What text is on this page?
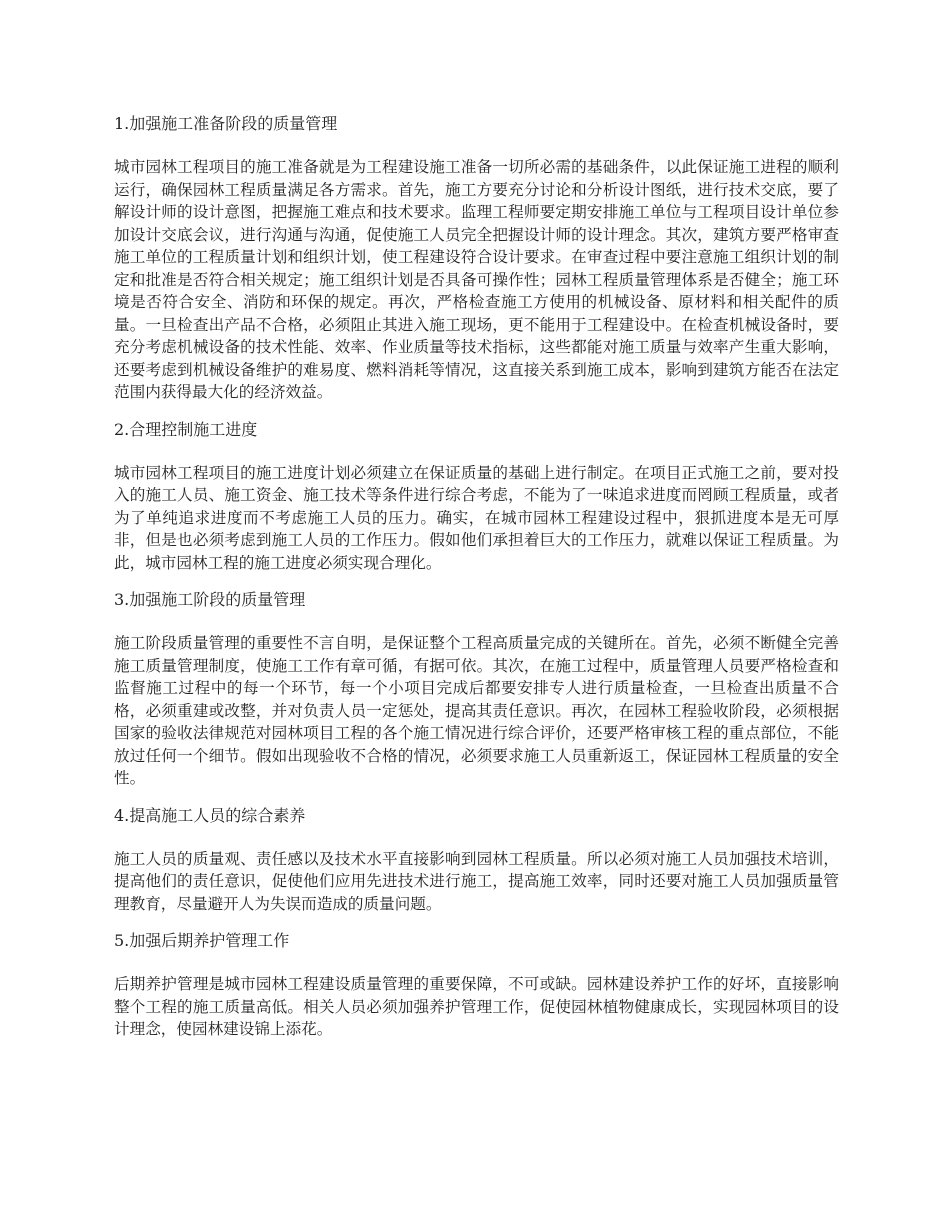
1.加强施工准备阶段的质量管理

城市园林工程项目的施工准备就是为工程建设施工准备一切所必需的基础条件，以此保证施工进程的顺利运行，确保园林工程质量满足各方需求。首先，施工方要充分讨论和分析设计图纸，进行技术交底，要了解设计师的设计意图，把握施工难点和技术要求。监理工程师要定期安排施工单位与工程项目设计单位参加设计交底会议，进行沟通与沟通，促使施工人员完全把握设计师的设计理念。其次，建筑方要严格审查施工单位的工程质量计划和组织计划，使工程建设符合设计要求。在审查过程中要注意施工组织计划的制定和批准是否符合相关规定；施工组织计划是否具备可操作性；园林工程质量管理体系是否健全；施工环境是否符合安全、消防和环保的规定。再次，严格检查施工方使用的机械设备、原材料和相关配件的质量。一旦检查出产品不合格，必须阻止其进入施工现场，更不能用于工程建设中。在检查机械设备时，要充分考虑机械设备的技术性能、效率、作业质量等技术指标，这些都能对施工质量与效率产生重大影响，还要考虑到机械设备维护的难易度、燃料消耗等情况，这直接关系到施工成本，影响到建筑方能否在法定范围内获得最大化的经济效益。

2.合理控制施工进度

城市园林工程项目的施工进度计划必须建立在保证质量的基础上进行制定。在项目正式施工之前，要对投入的施工人员、施工资金、施工技术等条件进行综合考虑，不能为了一味追求进度而罔顾工程质量，或者为了单纯追求进度而不考虑施工人员的压力。确实，在城市园林工程建设过程中，狠抓进度本是无可厚非，但是也必须考虑到施工人员的工作压力。假如他们承担着巨大的工作压力，就难以保证工程质量。为此，城市园林工程的施工进度必须实现合理化。

3.加强施工阶段的质量管理

施工阶段质量管理的重要性不言自明，是保证整个工程高质量完成的关键所在。首先，必须不断健全完善施工质量管理制度，使施工工作有章可循，有据可依。其次，在施工过程中，质量管理人员要严格检查和监督施工过程中的每一个环节，每一个小项目完成后都要安排专人进行质量检查，一旦检查出质量不合格，必须重建或改整，并对负责人员一定惩处，提高其责任意识。再次，在园林工程验收阶段，必须根据国家的验收法律规范对园林项目工程的各个施工情况进行综合评价，还要严格审核工程的重点部位，不能放过任何一个细节。假如出现验收不合格的情况，必须要求施工人员重新返工，保证园林工程质量的安全性。

4.提高施工人员的综合素养

施工人员的质量观、责任感以及技术水平直接影响到园林工程质量。所以必须对施工人员加强技术培训，提高他们的责任意识，促使他们应用先进技术进行施工，提高施工效率，同时还要对施工人员加强质量管理教育，尽量避开人为失误而造成的质量问题。

5.加强后期养护管理工作

后期养护管理是城市园林工程建设质量管理的重要保障，不可或缺。园林建设养护工作的好坏，直接影响整个工程的施工质量高低。相关人员必须加强养护管理工作，促使园林植物健康成长，实现园林项目的设计理念，使园林建设锦上添花。
